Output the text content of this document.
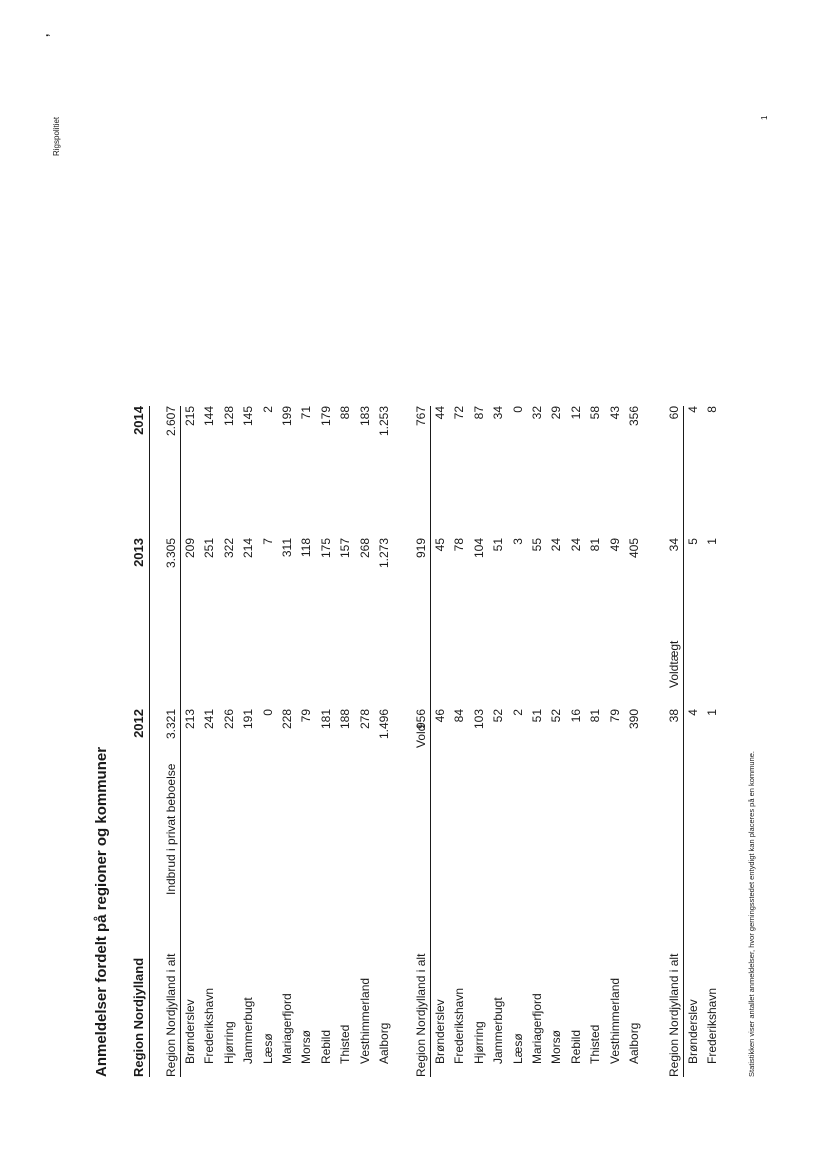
Rigspolitiet	1
,
Anmeldelser fordelt på regioner og kommuner Region Nordjylland
2012
2013
2014
Region Nordjylland i alt
Indbrud i privat beboelse
3.321
3.305
2.607
Brønderslev
213
209
215
Frederikshavn
241
251
144
Hjørring
226
322
128
Jammerbugt
191
214
145
Læsø
0
7
2
Mariagerfjord
228
311
199
Morsø
79
118
71
Rebild
181
175
179
Thisted
188
157
88
Vesthimmerland
278
268
183
Aalborg
1.496
1.273
1.253
Region Nordjylland i alt
Vold
956
919
767
Brønderslev
46
45
44
Frederikshavn
84
78
72
Hjørring
103
104
87
Jammerbugt
52
51
34
Læsø
2
3
0
Mariagerfjord
51
55
32
Morsø
52
24
29
Rebild
16
24
12
Thisted
81
81
58
Vesthimmerland
79
49
43
Aalborg
390
405
356
Region Nordjylland i alt
Voldtægt
38
34
60
Brønderslev
4
5
4
Frederikshavn
1
1
8
Statistikken viser antallet anmeldelser, hvor gerningsstedet entydigt kan placeres på en kommune.
